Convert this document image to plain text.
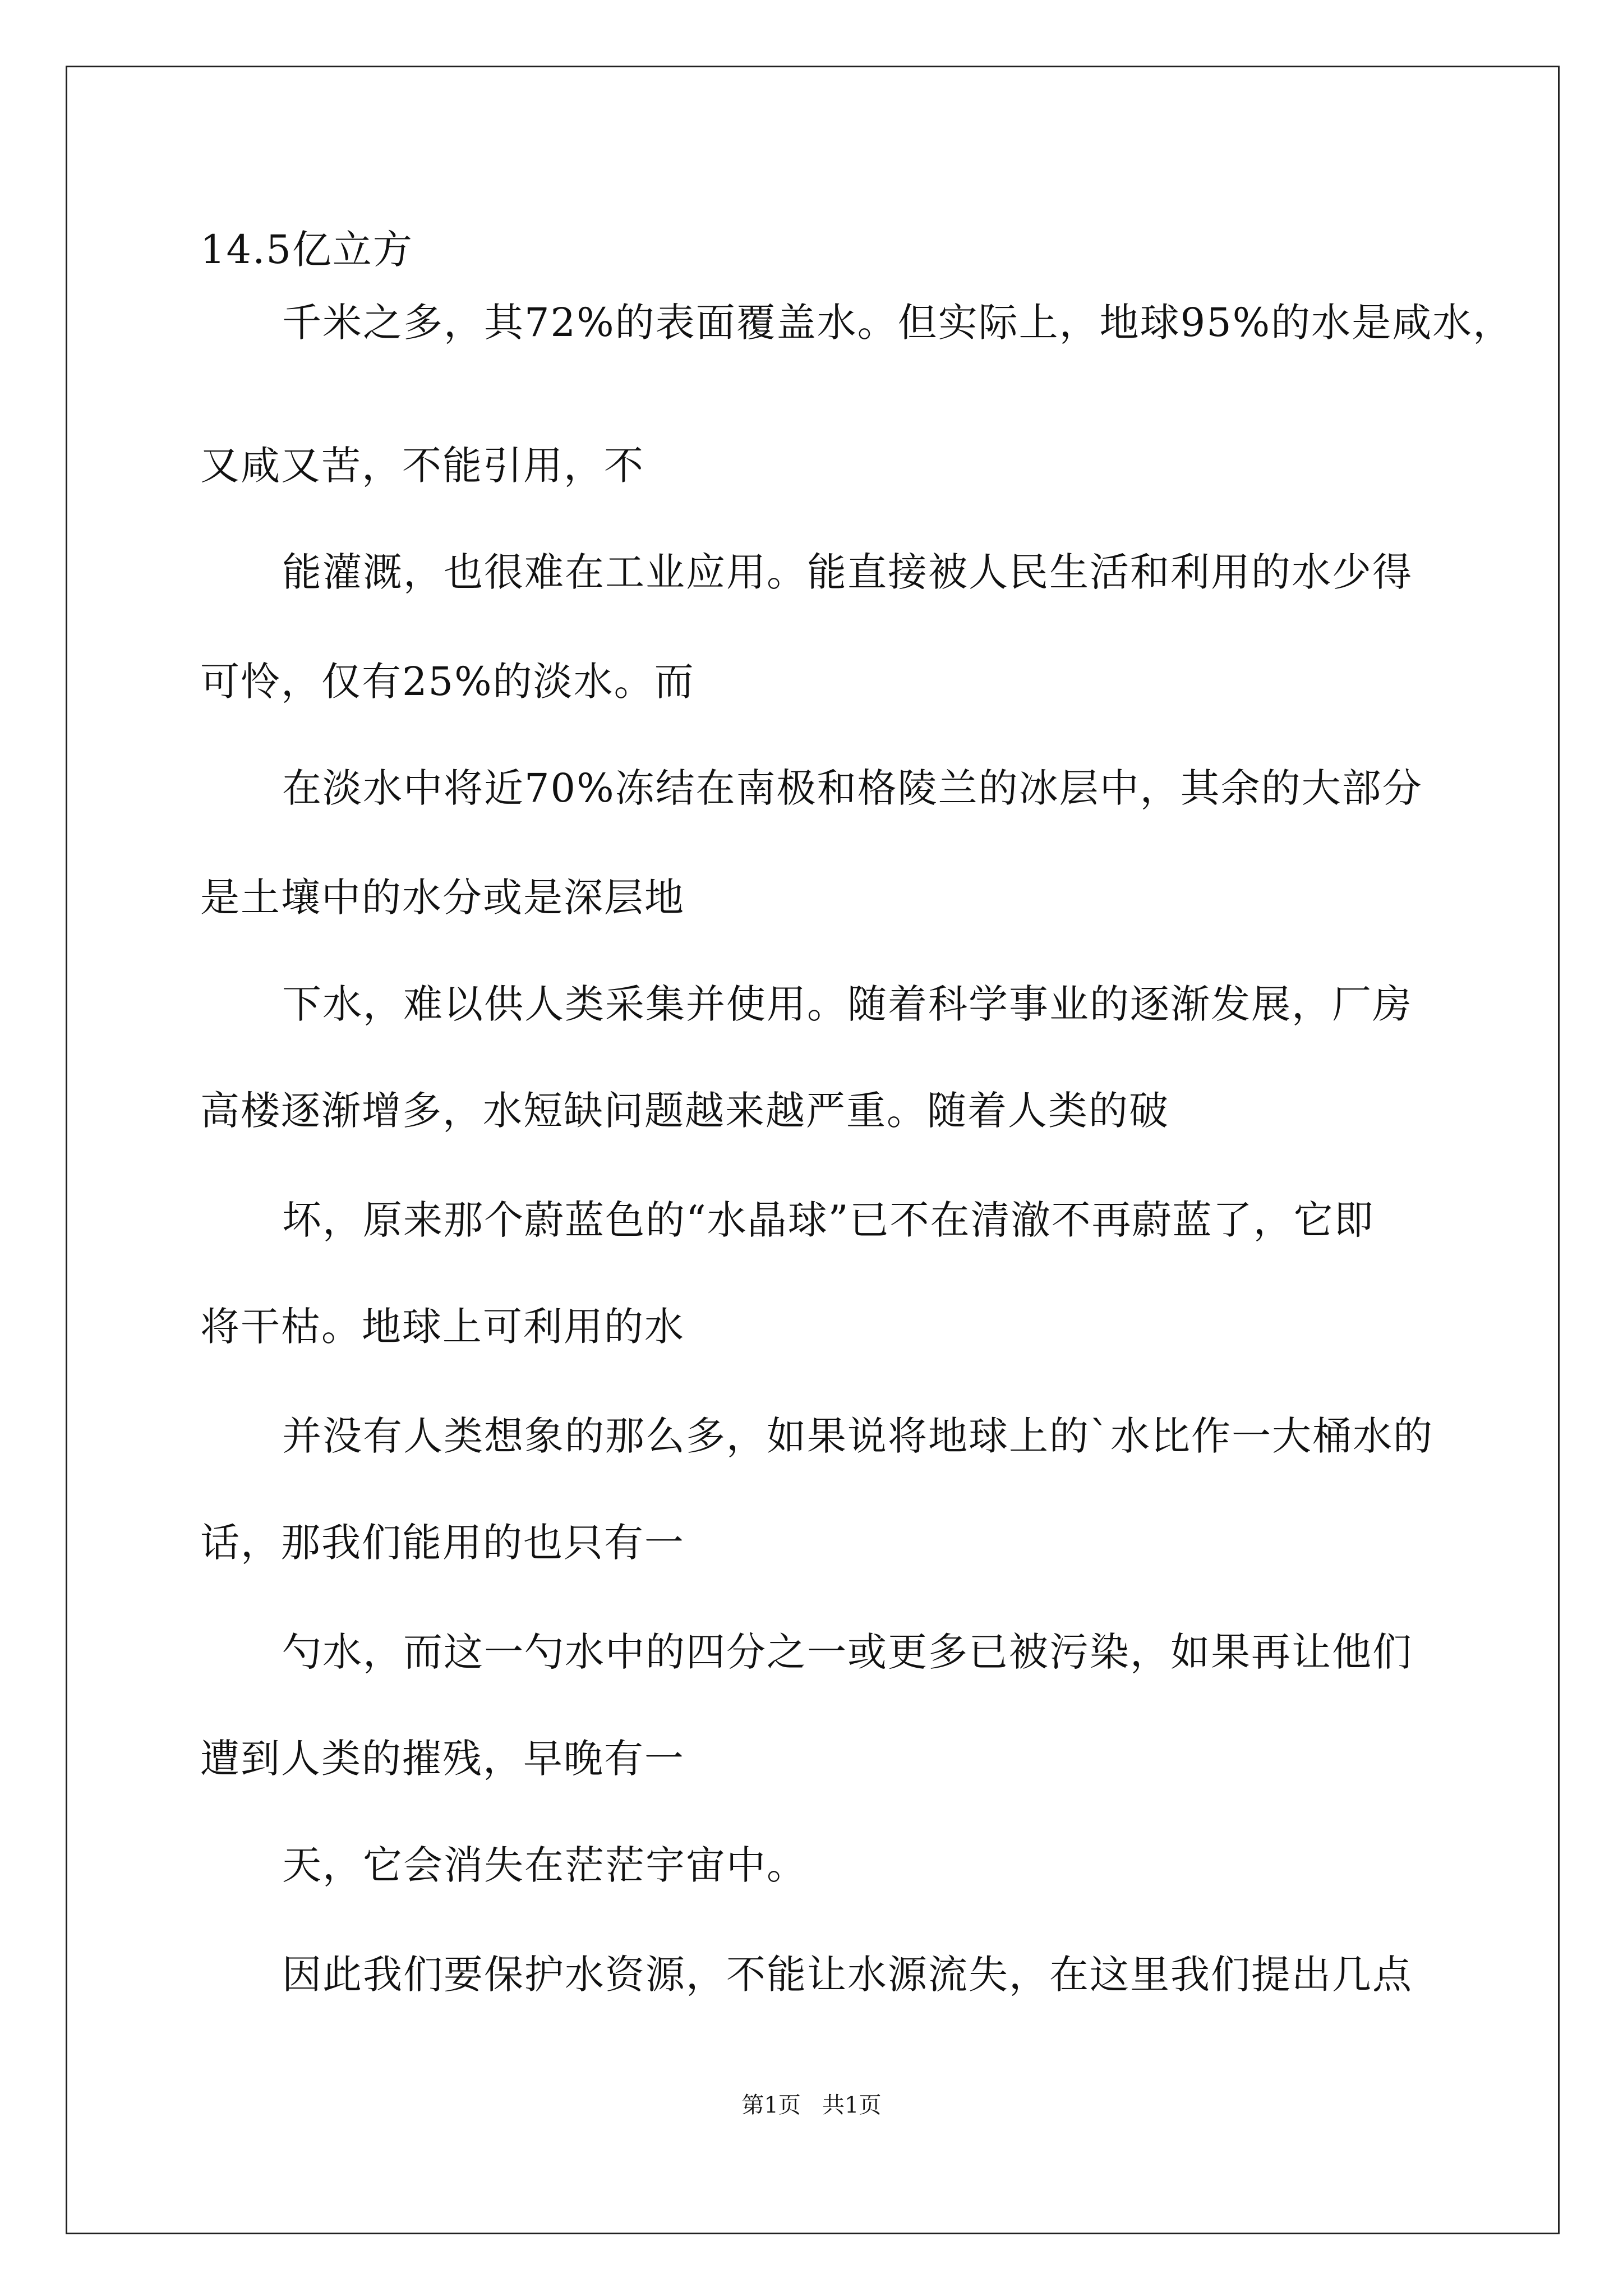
14.5亿立方

千米之多，其72%的表面覆盖水。但实际上，地球95%的水是咸水，

又咸又苦，不能引用，不

能灌溉，也很难在工业应用。能直接被人民生活和利用的水少得

可怜，仅有25%的淡水。而

在淡水中将近70%冻结在南极和格陵兰的冰层中，其余的大部分

是土壤中的水分或是深层地

下水，难以供人类采集并使用。随着科学事业的逐渐发展，厂房

高楼逐渐增多，水短缺问题越来越严重。随着人类的破

坏，原来那个蔚蓝色的“水晶球”已不在清澈不再蔚蓝了，它即

将干枯。地球上可利用的水

并没有人类想象的那么多，如果说将地球上的`水比作一大桶水的

话，那我们能用的也只有一

勺水，而这一勺水中的四分之一或更多已被污染，如果再让他们

遭到人类的摧残，早晚有一

天，它会消失在茫茫宇宙中。

因此我们要保护水资源，不能让水源流失，在这里我们提出几点

第1页   共1页
